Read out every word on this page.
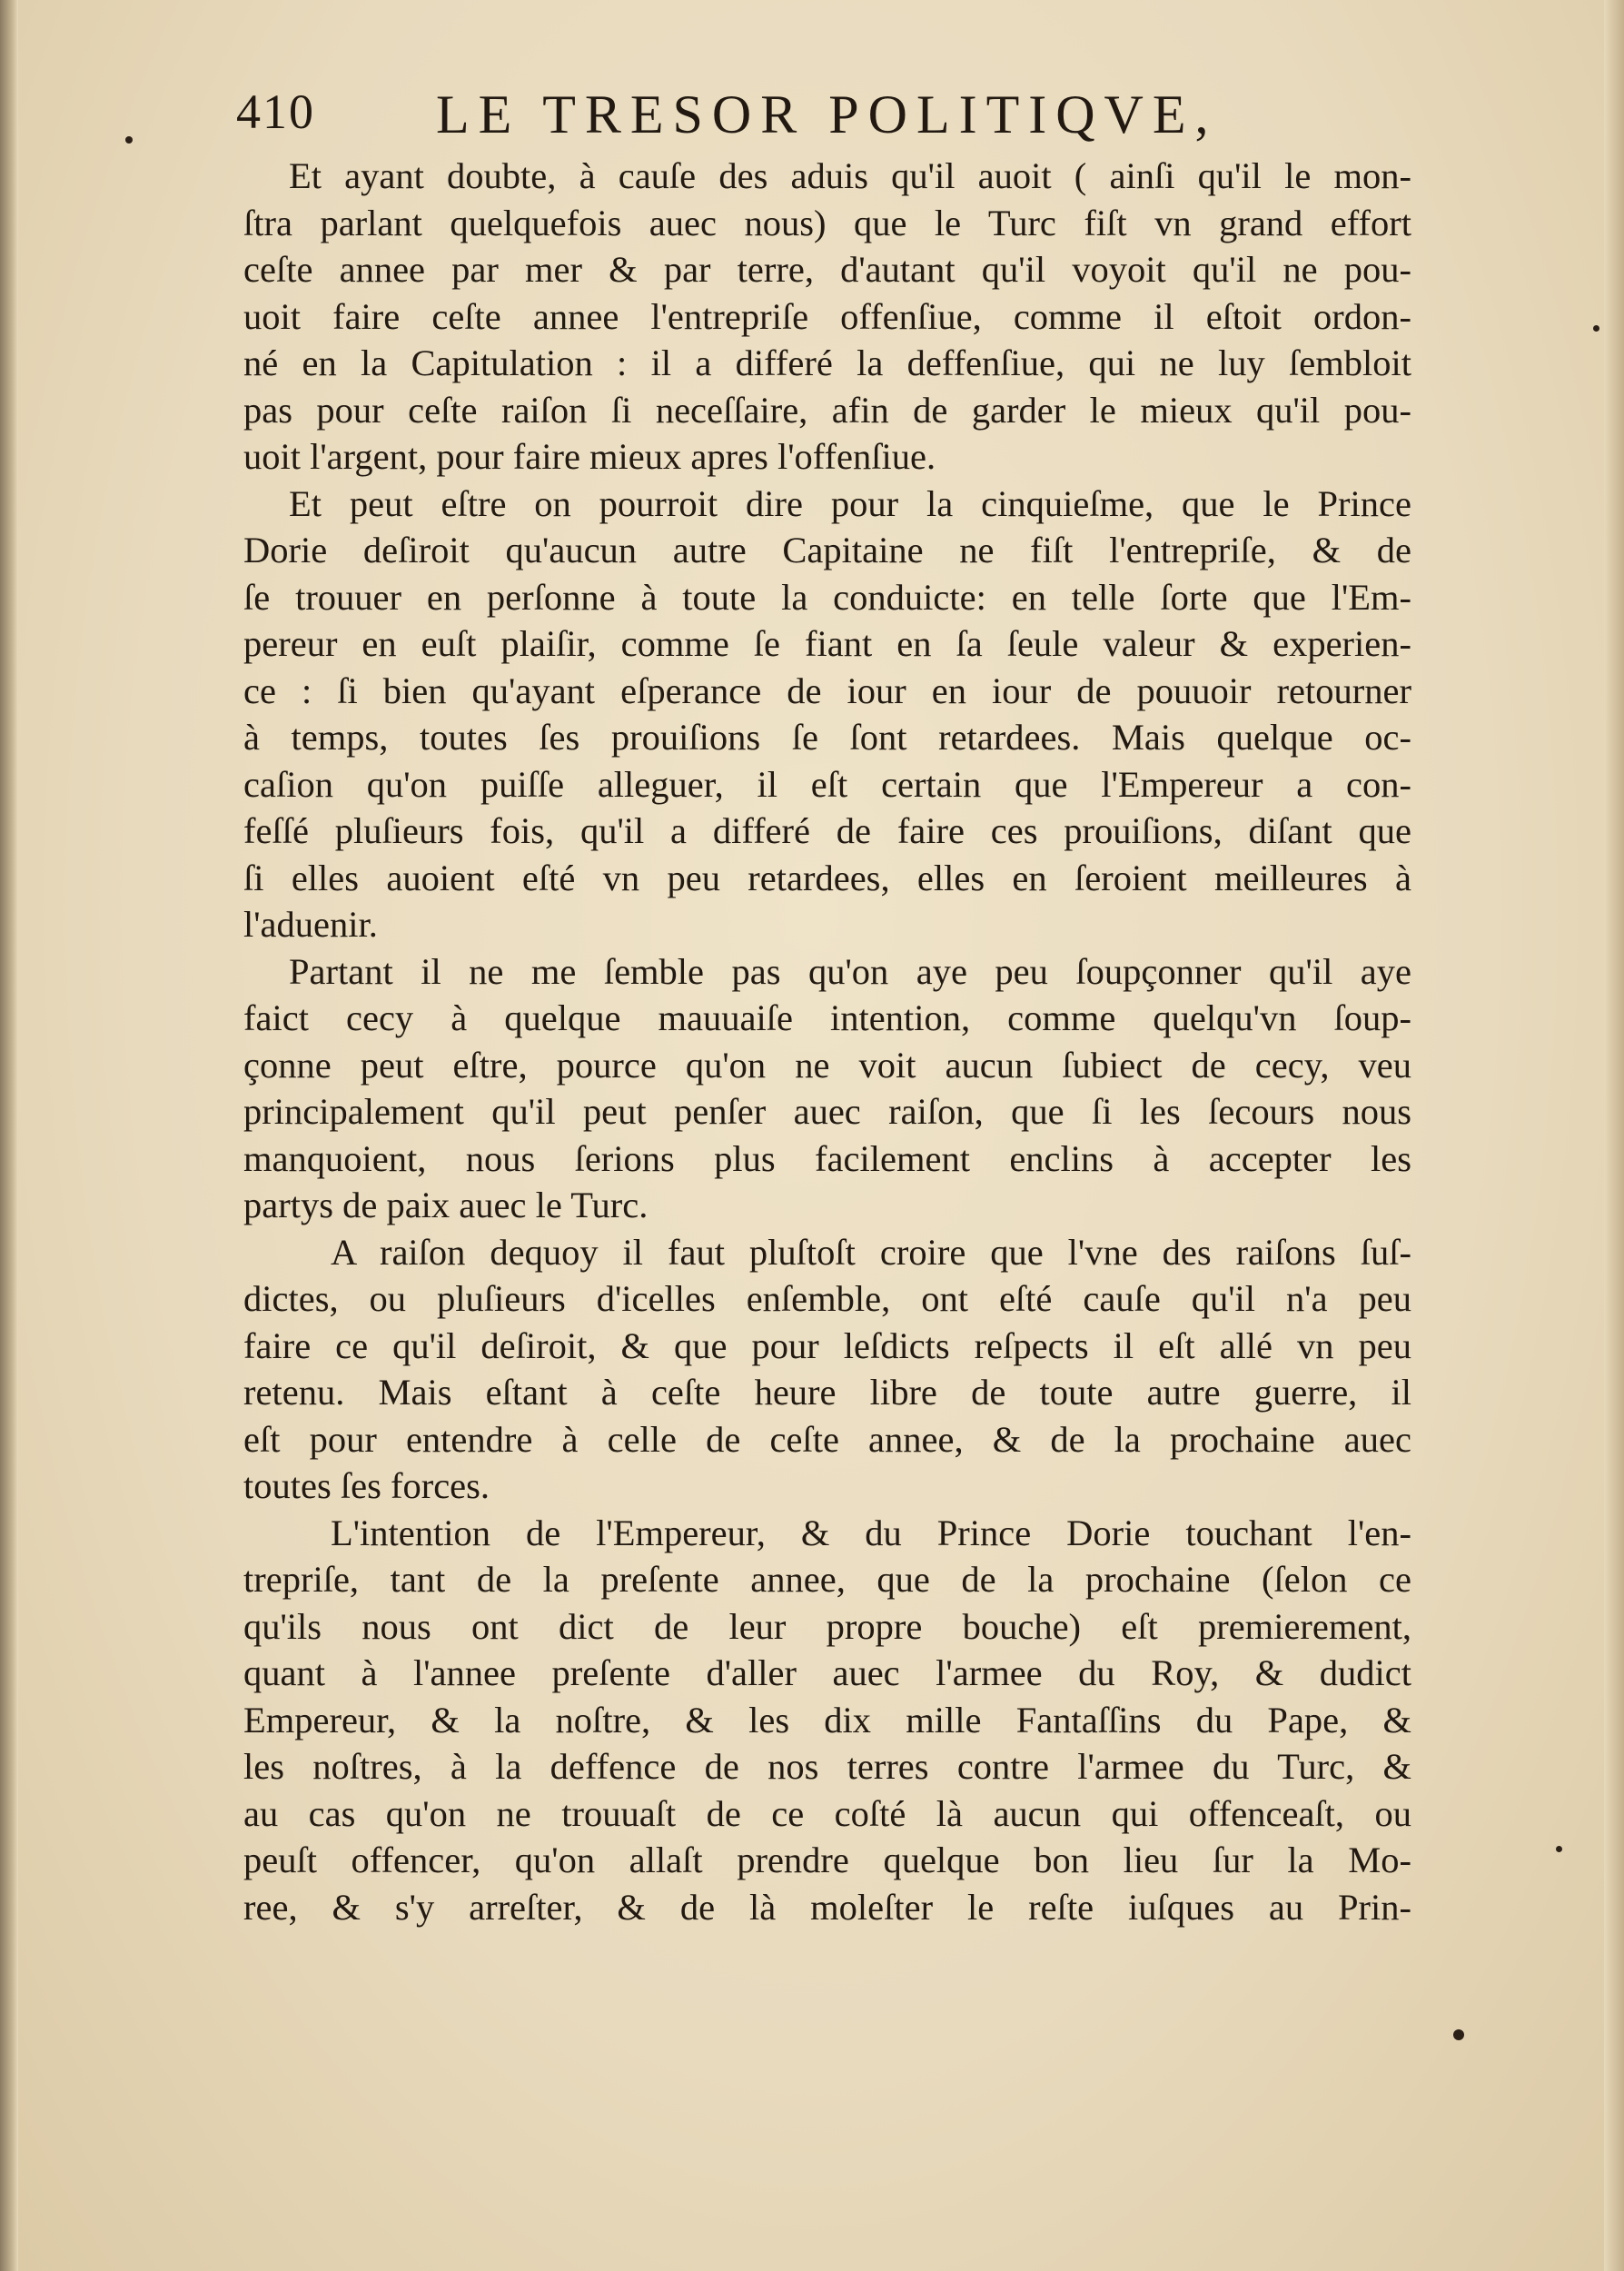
410 LE TRESOR POLITIQVE,
Et ayant doubte, à cauſe des aduis qu'il auoit ( ainſi qu'il le mon-
ſtra parlant quelquefois auec nous) que le Turc fiſt vn grand effort
ceſte annee par mer & par terre, d'autant qu'il voyoit qu'il ne pou-
uoit faire ceſte annee l'entrepriſe offenſiue, comme il eſtoit ordon-
né en la Capitulation : il a differé la deffenſiue, qui ne luy ſembloit
pas pour ceſte raiſon ſi neceſſaire, afin de garder le mieux qu'il pou-
uoit l'argent, pour faire mieux apres l'offenſiue.
Et peut eſtre on pourroit dire pour la cinquieſme, que le Prince
Dorie deſiroit qu'aucun autre Capitaine ne fiſt l'entrepriſe, & de
ſe trouuer en perſonne à toute la conduicte: en telle ſorte que l'Em-
pereur en euſt plaiſir, comme ſe fiant en ſa ſeule valeur & experien-
ce : ſi bien qu'ayant eſperance de iour en iour de pouuoir retourner
à temps, toutes ſes prouiſions ſe ſont retardees. Mais quelque oc-
caſion qu'on puiſſe alleguer, il eſt certain que l'Empereur a con-
feſſé pluſieurs fois, qu'il a differé de faire ces prouiſions, diſant que
ſi elles auoient eſté vn peu retardees, elles en ſeroient meilleures à
l'aduenir.
Partant il ne me ſemble pas qu'on aye peu ſoupçonner qu'il aye
faict cecy à quelque mauuaiſe intention, comme quelqu'vn ſoup-
çonne peut eſtre, pource qu'on ne voit aucun ſubiect de cecy, veu
principalement qu'il peut penſer auec raiſon, que ſi les ſecours nous
manquoient, nous ſerions plus facilement enclins à accepter les
partys de paix auec le Turc.
A raiſon dequoy il faut pluſtoſt croire que l'vne des raiſons ſuſ-
dictes, ou pluſieurs d'icelles enſemble, ont eſté cauſe qu'il n'a peu
faire ce qu'il deſiroit, & que pour leſdicts reſpects il eſt allé vn peu
retenu. Mais eſtant à ceſte heure libre de toute autre guerre, il
eſt pour entendre à celle de ceſte annee, & de la prochaine auec
toutes ſes forces.
L'intention de l'Empereur, & du Prince Dorie touchant l'en-
trepriſe, tant de la preſente annee, que de la prochaine (ſelon ce
qu'ils nous ont dict de leur propre bouche) eſt premierement,
quant à l'annee preſente d'aller auec l'armee du Roy, & dudict
Empereur, & la noſtre, & les dix mille Fantaſſins du Pape, &
les noſtres, à la deffence de nos terres contre l'armee du Turc, &
au cas qu'on ne trouuaſt de ce coſté là aucun qui offenceaſt, ou
peuſt offencer, qu'on allaſt prendre quelque bon lieu ſur la Mo-
ree, & s'y arreſter, & de là moleſter le reſte iuſques au Prin-
